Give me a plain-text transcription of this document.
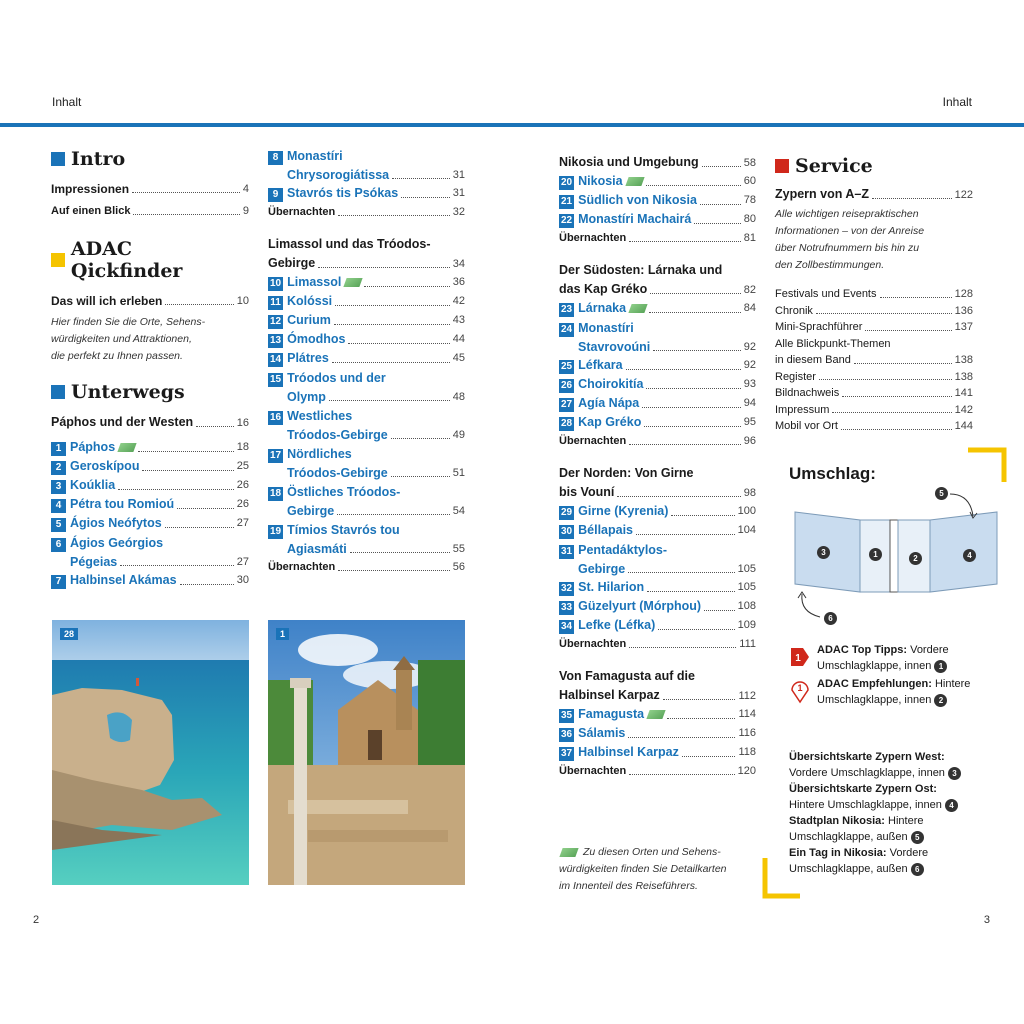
Inhalt	Inhalt
Intro
Impressionen	4
Auf einen Blick	9
ADAC Qickfinder
Das will ich erleben	10
Hier finden Sie die Orte, Sehens-
würdigkeiten und Attraktionen,
die perfekt zu Ihnen passen.
Unterwegs
Páphos und der Westen	16
1 Páphos	18
2 Geroskípou	25
3 Koúklia	26
4 Pétra tou Romioú	26
5 Ágios Neófytos	27
6 Ágios Geórgios
Pégeias	27
7 Halbinsel Akámas	30
8 Monastíri
Chrysorogiátissa	31
9 Stavrós tis Psókas	31
Übernachten	32
Limassol und das Tróodos-
Gebirge	34
10 Limassol	36
11 Kolóssi	42
12 Curium	43
13 Ómodhos	44
14 Plátres	45
15 Tróodos und der
Olymp	48
16 Westliches
Tróodos-Gebirge	49
17 Nördliches
Tróodos-Gebirge	51
18 Östliches Tróodos-
Gebirge	54
19 Tímios Stavrós tou
Agiasmáti	55
Übernachten	56
28	1
Nikosia und Umgebung	58
20 Nikosia	60
21 Südlich von Nikosia	78
22 Monastíri Machairá	80
Übernachten	81
Der Südosten: Lárnaka und
das Kap Gréko	82
23 Lárnaka	84
24 Monastíri
Stavrovoúni	92
25 Léfkara	92
26 Choirokitía	93
27 Agía Nápa	94
28 Kap Gréko	95
Übernachten	96
Der Norden: Von Girne
bis Vouní	98
29 Girne (Kyrenia)	100
30 Béllapais	104
31 Pentadáktylos-
Gebirge	105
32 St. Hilarion	105
33 Güzelyurt (Mórphou)	108
34 Lefke (Léfka)	109
Übernachten	111
Von Famagusta auf die
Halbinsel Karpaz	112
35 Famagusta	114
36 Sálamis	116
37 Halbinsel Karpaz	118
Übernachten	120
Zu diesen Orten und Sehens-
würdigkeiten finden Sie Detailkarten
im Innenteil des Reiseführers.
Service
Zypern von A–Z	122
Alle wichtigen reisepraktischen
Informationen – von der Anreise
über Notrufnummern bis hin zu
den Zollbestimmungen.
Festivals und Events	128
Chronik	136
Mini-Sprachführer	137
Alle Blickpunkt-Themen
in diesem Band	138
Register	138
Bildnachweis	141
Impressum	142
Mobil vor Ort	144
Umschlag:
3	1	2	4
5
6
1
ADAC Top Tipps: Vordere
Umschlagklappe, innen 1
1 ADAC Empfehlungen: Hintere
Umschlagklappe, innen 2
Übersichtskarte Zypern West:
Vordere Umschlagklappe, innen 3
Übersichtskarte Zypern Ost:
Hintere Umschlagklappe, innen 4
Stadtplan Nikosia: Hintere
Umschlagklappe, außen 5
Ein Tag in Nikosia: Vordere
Umschlagklappe, außen 6
2	3
